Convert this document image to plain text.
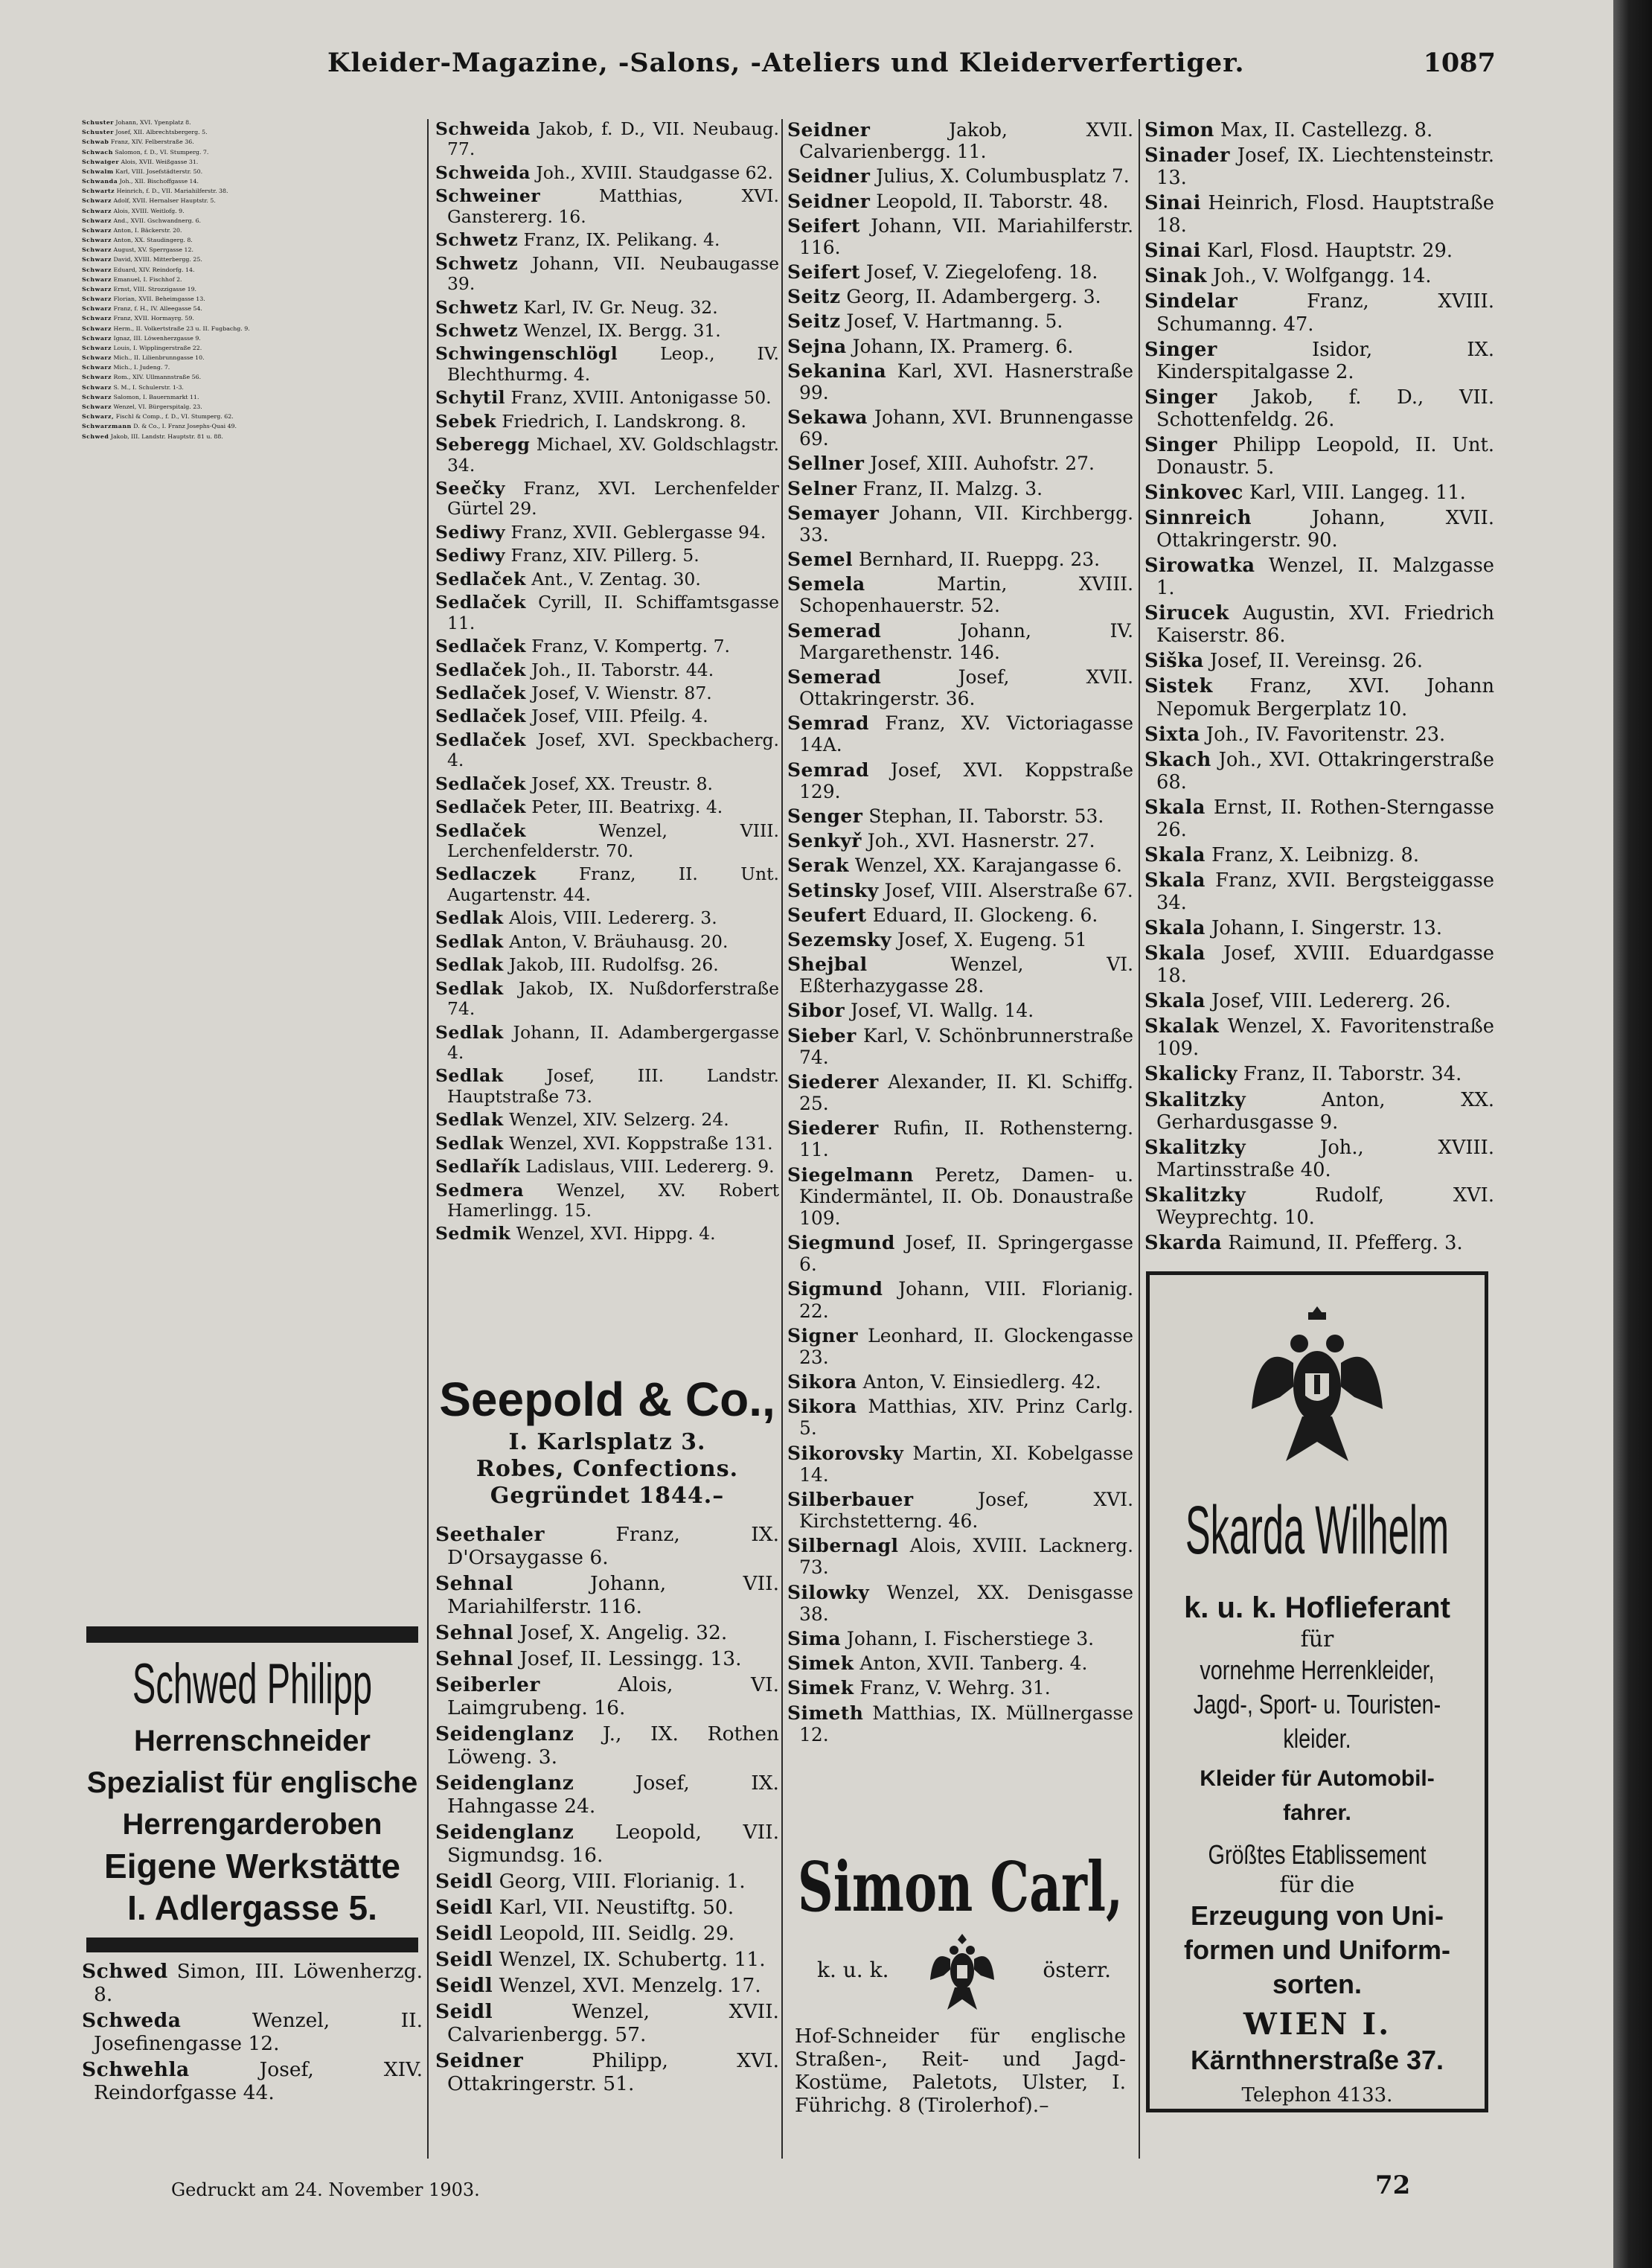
Kleider-Magazine, -Salons, -Ateliers und Kleiderverfertiger.	1087
Schuster Johann, XVI. Ypenplatz 8.
Schuster Josef, XII. Albrechtsbergerg. 5.
Schwab Franz, XIV. Felberstraße 36.
Schwach Salomon, f. D., VI. Stumperg. 7.
Schwaiger Alois, XVII. Weißgasse 31.
Schwalm Karl, VIII. Josefstädterstr. 50.
Schwanda Joh., XII. Bischoffgasse 14.
Schwartz Heinrich, f. D., VII. Mariahilferstr. 38.
Schwarz Adolf, XVII. Hernalser Hauptstr. 5.
Schwarz Alois, XVIII. Weitlofg. 9.
Schwarz And., XVII. Gschwandnerg. 6.
Schwarz Anton, I. Bäckerstr. 20.
Schwarz Anton, XX. Staudingerg. 8.
Schwarz August, XV. Sperrgasse 12.
Schwarz David, XVIII. Mitterbergg. 25.
Schwarz Eduard, XIV. Reindorfg. 14.
Schwarz Emanuel, I. Fischhof 2.
Schwarz Ernst, VIII. Strozzigasse 19.
Schwarz Florian, XVII. Beheimgasse 13.
Schwarz Franz, f. H., IV. Alleegasse 54.
Schwarz Franz, XVII. Hormayrg. 59.
Schwarz Herm., II. Volkertstraße 23 u. II. Fugbachg. 9.
Schwarz Ignaz, III. Löwenherzgasse 9.
Schwarz Louis, I. Wipplingerstraße 22.
Schwarz Mich., II. Lilienbrunngasse 10.
Schwarz Mich., I. Judeng. 7.
Schwarz Rom., XIV. Ullmannstraße 56.
Schwarz S. M., I. Schulerstr. 1-3.
Schwarz Salomon, I. Bauernmarkt 11.
Schwarz Wenzel, VI. Bürgerspitalg. 23.
Schwarz, Fischl & Comp., f. D., VI. Stumperg. 62.
Schwarzmann D. & Co., I. Franz Josephs-Quai 49.
Schwed Jakob, III. Landstr. Hauptstr. 81 u. 88.
Schweida Jakob, f. D., VII. Neubaug. 77.
Schweida Joh., XVIII. Staudgasse 62.
Schweiner Matthias, XVI. Ganstererg. 16.
Schwetz Franz, IX. Pelikang. 4.
Schwetz Johann, VII. Neubaugasse 39.
Schwetz Karl, IV. Gr. Neug. 32.
Schwetz Wenzel, IX. Bergg. 31.
Schwingenschlögl Leop., IV. Blechthurmg. 4.
Schytil Franz, XVIII. Antonigasse 50.
Sebek Friedrich, I. Landskrong. 8.
Seberegg Michael, XV. Goldschlagstr. 34.
Seečky Franz, XVI. Lerchenfelder Gürtel 29.
Sediwy Franz, XVII. Geblergasse 94.
Sediwy Franz, XIV. Pillerg. 5.
Sedlaček Ant., V. Zentag. 30.
Sedlaček Cyrill, II. Schiffamtsgasse 11.
Sedlaček Franz, V. Kompertg. 7.
Sedlaček Joh., II. Taborstr. 44.
Sedlaček Josef, V. Wienstr. 87.
Sedlaček Josef, VIII. Pfeilg. 4.
Sedlaček Josef, XVI. Speckbacherg. 4.
Sedlaček Josef, XX. Treustr. 8.
Sedlaček Peter, III. Beatrixg. 4.
Sedlaček Wenzel, VIII. Lerchenfelderstr. 70.
Sedlaczek Franz, II. Unt. Augartenstr. 44.
Sedlak Alois, VIII. Ledererg. 3.
Sedlak Anton, V. Bräuhausg. 20.
Sedlak Jakob, III. Rudolfsg. 26.
Sedlak Jakob, IX. Nußdorferstraße 74.
Sedlak Johann, II. Adambergergasse 4.
Sedlak Josef, III. Landstr. Hauptstraße 73.
Sedlak Wenzel, XIV. Selzerg. 24.
Sedlak Wenzel, XVI. Koppstraße 131.
Sedlařík Ladislaus, VIII. Ledererg. 9.
Sedmera Wenzel, XV. Robert Hamerlingg. 15.
Sedmik Wenzel, XVI. Hippg. 4.
Seidner Jakob, XVII. Calvarienbergg. 11.
Seidner Julius, X. Columbusplatz 7.
Seidner Leopold, II. Taborstr. 48.
Seifert Johann, VII. Mariahilferstr. 116.
Seifert Josef, V. Ziegelofeng. 18.
Seitz Georg, II. Adambergerg. 3.
Seitz Josef, V. Hartmanng. 5.
Sejna Johann, IX. Pramerg. 6.
Sekanina Karl, XVI. Hasnerstraße 99.
Sekawa Johann, XVI. Brunnengasse 69.
Sellner Josef, XIII. Auhofstr. 27.
Selner Franz, II. Malzg. 3.
Semayer Johann, VII. Kirchbergg. 33.
Semel Bernhard, II. Rueppg. 23.
Semela Martin, XVIII. Schopenhauerstr. 52.
Semerad Johann, IV. Margarethenstr. 146.
Semerad Josef, XVII. Ottakringerstr. 36.
Semrad Franz, XV. Victoriagasse 14A.
Semrad Josef, XVI. Koppstraße 129.
Senger Stephan, II. Taborstr. 53.
Senkyř Joh., XVI. Hasnerstr. 27.
Serak Wenzel, XX. Karajangasse 6.
Setinsky Josef, VIII. Alserstraße 67.
Seufert Eduard, II. Glockeng. 6.
Sezemsky Josef, X. Eugeng. 51
Shejbal Wenzel, VI. Eßterhazygasse 28.
Sibor Josef, VI. Wallg. 14.
Sieber Karl, V. Schönbrunnerstraße 74.
Siederer Alexander, II. Kl. Schiffg. 25.
Siederer Rufin, II. Rothensterng. 11.
Siegelmann Peretz, Damen- u. Kindermäntel, II. Ob. Donaustraße 109.
Siegmund Josef, II. Springergasse 6.
Sigmund Johann, VIII. Florianig. 22.
Signer Leonhard, II. Glockengasse 23.
Sikora Anton, V. Einsiedlerg. 42.
Sikora Matthias, XIV. Prinz Carlg. 5.
Sikorovsky Martin, XI. Kobelgasse 14.
Silberbauer Josef, XVI. Kirchstetterng. 46.
Silbernagl Alois, XVIII. Lacknerg. 73.
Silowky Wenzel, XX. Denisgasse 38.
Sima Johann, I. Fischerstiege 3.
Simek Anton, XVII. Tanberg. 4.
Simek Franz, V. Wehrg. 31.
Simeth Matthias, IX. Müllnergasse 12.
Simon Max, II. Castellezg. 8.
Sinader Josef, IX. Liechtensteinstr. 13.
Sinai Heinrich, Flosd. Hauptstraße 18.
Sinai Karl, Flosd. Hauptstr. 29.
Sinak Joh., V. Wolfgangg. 14.
Sindelar Franz, XVIII. Schumanng. 47.
Singer Isidor, IX. Kinderspitalgasse 2.
Singer Jakob, f. D., VII. Schottenfeldg. 26.
Singer Philipp Leopold, II. Unt. Donaustr. 5.
Sinkovec Karl, VIII. Langeg. 11.
Sinnreich Johann, XVII. Ottakringerstr. 90.
Sirowatka Wenzel, II. Malzgasse 1.
Sirucek Augustin, XVI. Friedrich Kaiserstr. 86.
Siška Josef, II. Vereinsg. 26.
Sistek Franz, XVI. Johann Nepomuk Bergerplatz 10.
Sixta Joh., IV. Favoritenstr. 23.
Skach Joh., XVI. Ottakringerstraße 68.
Skala Ernst, II. Rothen-Sterngasse 26.
Skala Franz, X. Leibnizg. 8.
Skala Franz, XVII. Bergsteiggasse 34.
Skala Johann, I. Singerstr. 13.
Skala Josef, XVIII. Eduardgasse 18.
Skala Josef, VIII. Ledererg. 26.
Skalak Wenzel, X. Favoritenstraße 109.
Skalicky Franz, II. Taborstr. 34.
Skalitzky Anton, XX. Gerhardusgasse 9.
Skalitzky Joh., XVIII. Martinsstraße 40.
Skalitzky Rudolf, XVI. Weyprechtg. 10.
Skarda Raimund, II. Pfefferg. 3.
Schwed Philipp
Herrenschneider
Spezialist für englische
Herrengarderoben
Eigene Werkstätte
I. Adlergasse 5.
Schwed Simon, III. Löwenherzg. 8.
Schweda Wenzel, II. Josefinengasse 12.
Schwehla Josef, XIV. Reindorfgasse 44.
Seepold & Co.,
I. Karlsplatz 3.
Robes, Confections.
Gegründet 1844.–
Seethaler Franz, IX. D'Orsaygasse 6.
Sehnal Johann, VII. Mariahilferstr. 116.
Sehnal Josef, X. Angelig. 32.
Sehnal Josef, II. Lessingg. 13.
Seiberler Alois, VI. Laimgrubeng. 16.
Seidenglanz J., IX. Rothen Löweng. 3.
Seidenglanz Josef, IX. Hahngasse 24.
Seidenglanz Leopold, VII. Sigmundsg. 16.
Seidl Georg, VIII. Florianig. 1.
Seidl Karl, VII. Neustiftg. 50.
Seidl Leopold, III. Seidlg. 29.
Seidl Wenzel, IX. Schubertg. 11.
Seidl Wenzel, XVI. Menzelg. 17.
Seidl Wenzel, XVII. Calvarienbergg. 57.
Seidner Philipp, XVI. Ottakringerstr. 51.
Simon Carl,
k. u. k.	österr.
Hof-Schneider für englische Straßen-, Reit- und Jagd-Kostüme, Paletots, Ulster, I. Führichg. 8 (Tirolerhof).–
Skarda Wilhelm
k. u. k. Hoflieferant
für
vornehme Herrenkleider,
Jagd-, Sport- u. Touristen-
kleider.
Kleider für Automobil-
fahrer.
Größtes Etablissement
für die
Erzeugung von Uni-
formen und Uniform-
sorten.
WIEN I.
Kärnthnerstraße 37.
Telephon 4133.
Gedruckt am 24. November 1903.	72
